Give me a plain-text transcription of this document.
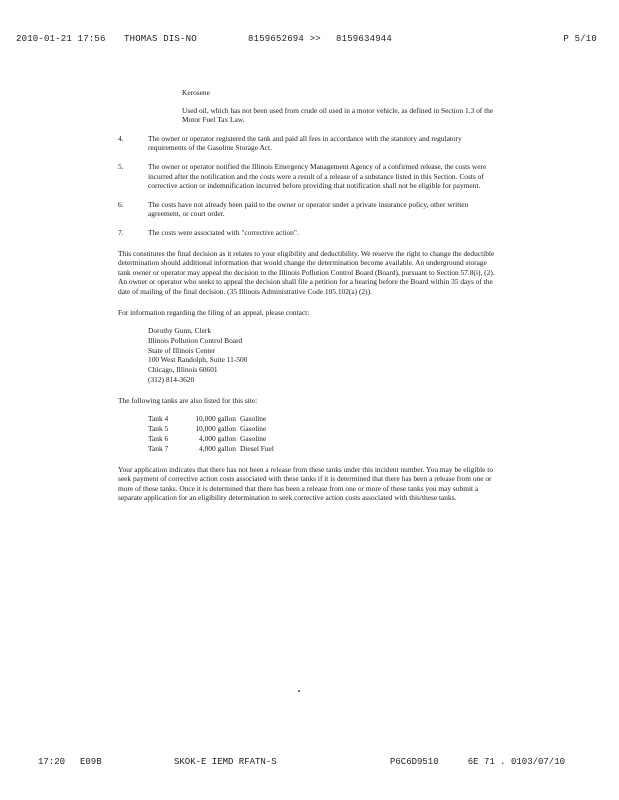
2010-01-21 17:56 THOMAS DIS-NO	8159652694 >> 8159634944	P 5/10
Kerosene
Used oil, which has not been used from crude oil used in a motor vehicle, as defined in Section 1.3 of the Motor Fuel Tax Law.
4.	The owner or operator registered the tank and paid all fees in accordance with the statutory and regulatory requirements of the Gasoline Storage Act.
5.	The owner or operator notified the Illinois Emergency Management Agency of a confirmed release, the costs were incurred after the notification and the costs were a result of a release of a substance listed in this Section. Costs of corrective action or indemnification incurred before providing that notification shall not be eligible for payment.
6.	The costs have not already been paid to the owner or operator under a private insurance policy, other written agreement, or court order.
7.	The costs were associated with "corrective action".
This constitutes the final decision as it relates to your eligibility and deductibility. We reserve the right to change the deductible determination should additional information that would change the determination become available. An underground storage tank owner or operator may appeal the decision to the Illinois Pollution Control Board (Board), pursuant to Section 57.8(i), (2). An owner or operator who seeks to appeal the decision shall file a petition for a hearing before the Board within 35 days of the date of mailing of the final decision. (35 Illinois Administrative Code 105.102(a) (2)).
For information regarding the filing of an appeal, please contact:
Dorothy Gunn, Clerk
Illinois Pollution Control Board
State of Illinois Center
100 West Randolph, Suite 11-500
Chicago, Illinois 60601
(312) 814-3620
The following tanks are also listed for this site:
Tank 4	10,000 gallon Gasoline
Tank 5	10,000 gallon Gasoline
Tank 6	4,000 gallon Gasoline
Tank 7	4,000 gallon Diesel Fuel
Your application indicates that there has not been a release from these tanks under this incident number. You may be eligible to seek payment of corrective action costs associated with these tanks if it is determined that there has been a release from one or more of these tanks. Once it is determined that there has been a release from one or more of these tanks you may submit a separate application for an eligibility determination to seek corrective action costs associated with this/these tanks.
17:20 E09B	SKOK-E IEMD RFATN-S	P6C6D9510	6E 71 . 0103/07/10
